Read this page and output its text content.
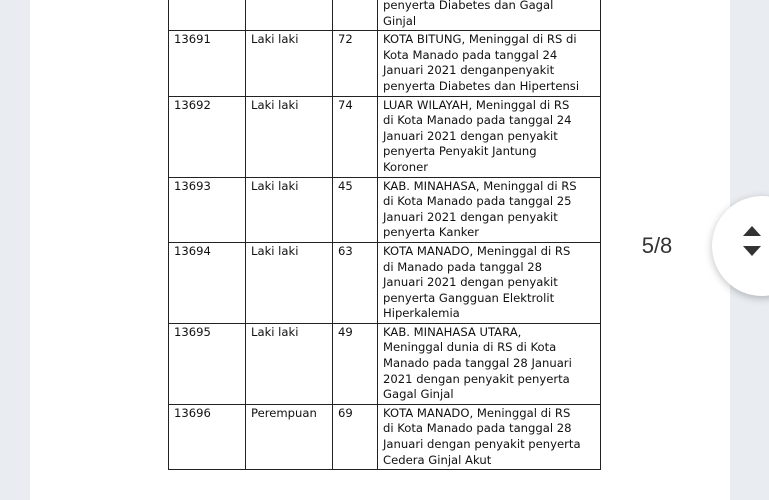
			penyerta Diabetes dan Gagal
Ginjal

13691	Laki laki	72	KOTA BITUNG, Meninggal di RS di
Kota Manado pada tanggal 24
Januari 2021 denganpenyakit
penyerta Diabetes dan Hipertensi

13692	Laki laki	74	LUAR WILAYAH, Meninggal di RS
di Kota Manado pada tanggal 24
Januari 2021 dengan penyakit
penyerta Penyakit Jantung
Koroner

13693	Laki laki	45	KAB. MINAHASA, Meninggal di RS
di Kota Manado pada tanggal 25
Januari 2021 dengan penyakit
penyerta Kanker

13694	Laki laki	63	KOTA MANADO, Meninggal di RS
di Manado pada tanggal 28
Januari 2021 dengan penyakit
penyerta Gangguan Elektrolit
Hiperkalemia

13695	Laki laki	49	KAB. MINAHASA UTARA,
Meninggal dunia di RS di Kota
Manado pada tanggal 28 Januari
2021 dengan penyakit penyerta
Gagal Ginjal

13696	Perempuan	69	KOTA MANADO, Meninggal di RS
di Kota Manado pada tanggal 28
Januari dengan penyakit penyerta
Cedera Ginjal Akut
5/8
